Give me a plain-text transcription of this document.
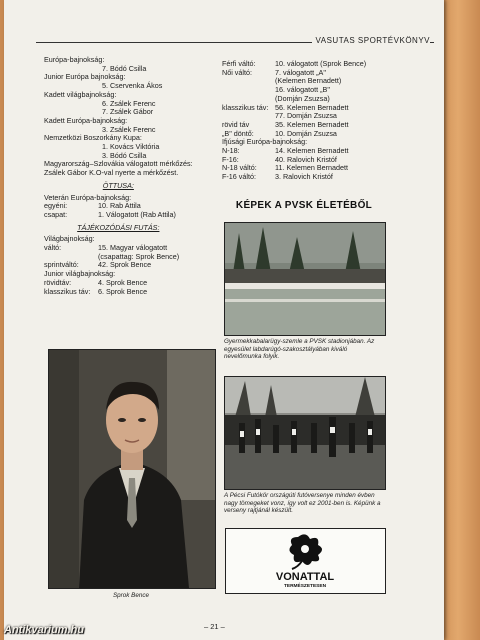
VASUTAS SPORTÉVKÖNYV
Európa-bajnokság:
7. Bódó Csilla
Junior Európa bajnokság:
5. Cservenka Ákos
Kadett világbajnokság:
6. Zsálek Ferenc
7. Zsálek Gábor
Kadett Európa-bajnokság:
3. Zsálek Ferenc
Nemzetközi Boszorkány Kupa:
1. Kovács Viktória
3. Bódó Csilla
Magyarország–Szlovákia válogatott mérkőzés:
Zsálek Gábor K.O-val nyerte a mérkőzést.
ÖTTUSA:
Veterán Európa-bajnokság:
egyéni:	10. Rab Attila
csapat:	1. Válogatott (Rab Attila)
TÁJÉKOZÓDÁSI FUTÁS:
Világbajnokság:
váltó:	15. Magyar válogatott
(csapattag: Sprok Bence)
sprintváltó:	42. Sprok Bence
Junior világbajnokság:
rövidtáv:	4. Sprok Bence
klasszikus táv: 6. Sprok Bence
Férfi váltó:	10. válogatott (Sprok Bence)
Női váltó:	7. válogatott „A"
(Kelemen Bernadett)
16. válogatott „B"
(Domján Zsuzsa)
klasszikus táv: 56. Kelemen Bernadett
77. Domján Zsuzsa
rövid táv	35. Kelemen Bernadett
„B" döntő:	10. Domján Zsuzsa
Ifjúsági Európa-bajnokság:
N-18:	14. Kelemen Bernadett
F-16:	40. Ralovich Kristóf
N-18 váltó:	11. Kelemen Bernadett
F-16 váltó:	3. Ralovich Kristóf
KÉPEK A PVSK ÉLETÉBŐL
Sprok Bence
Gyermekkabalarügy-szemle a PVSK stadionjában. Az egyesület labdarúgó-szakosztályában kiváló nevelőmunka folyik.
A Pécsi Futókör országúti futóversenye minden évben nagy tömegeket vonz, így volt ez 2001-ben is. Képünk a verseny rajtjánál készült.
VONATTAL
TERMÉSZETESEN
– 21 –
Antikvarium.hu
